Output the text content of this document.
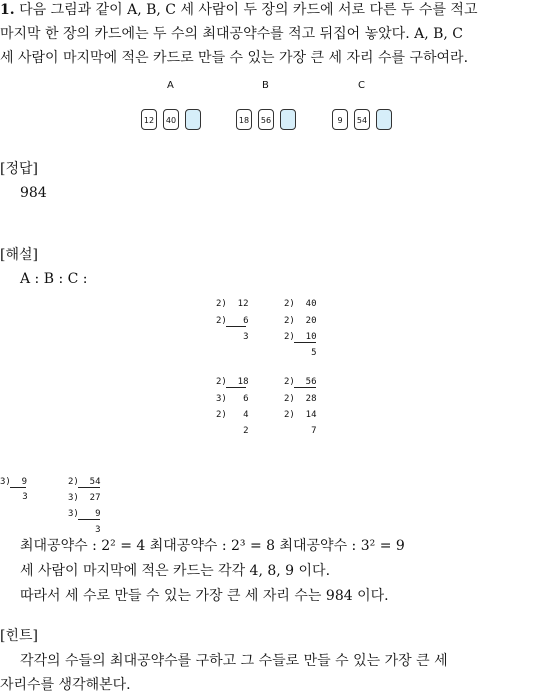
1. 다음 그림과 같이 A, B, C 세 사람이 두 장의 카드에 서로 다른 두 수를 적고
마지막 한 장의 카드에는 두 수의 최대공약수를 적고 뒤집어 놓았다. A, B, C
세 사람이 마지막에 적은 카드로 만들 수 있는 가장 큰 세 자리 수를 구하여라.
A
12	40
B
18	56
C
9	54
[정답]
984
[해설]
A : B : C :
2)  12
2)   6
3
2)  40
2)  20
2)  10
5
2)  18
3)   6
2)   4
2
2)  56
2)  28
2)  14
7
3)  9
3
2)  54
3)  27
3)   9
3
최대공약수 : 2² = 4 최대공약수 : 2³ = 8 최대공약수 : 3² = 9
세 사람이 마지막에 적은 카드는 각각 4, 8, 9 이다.
따라서 세 수로 만들 수 있는 가장 큰 세 자리 수는 984 이다.
[힌트]
각각의 수들의 최대공약수를 구하고 그 수들로 만들 수 있는 가장 큰 세
자리수를 생각해본다.
